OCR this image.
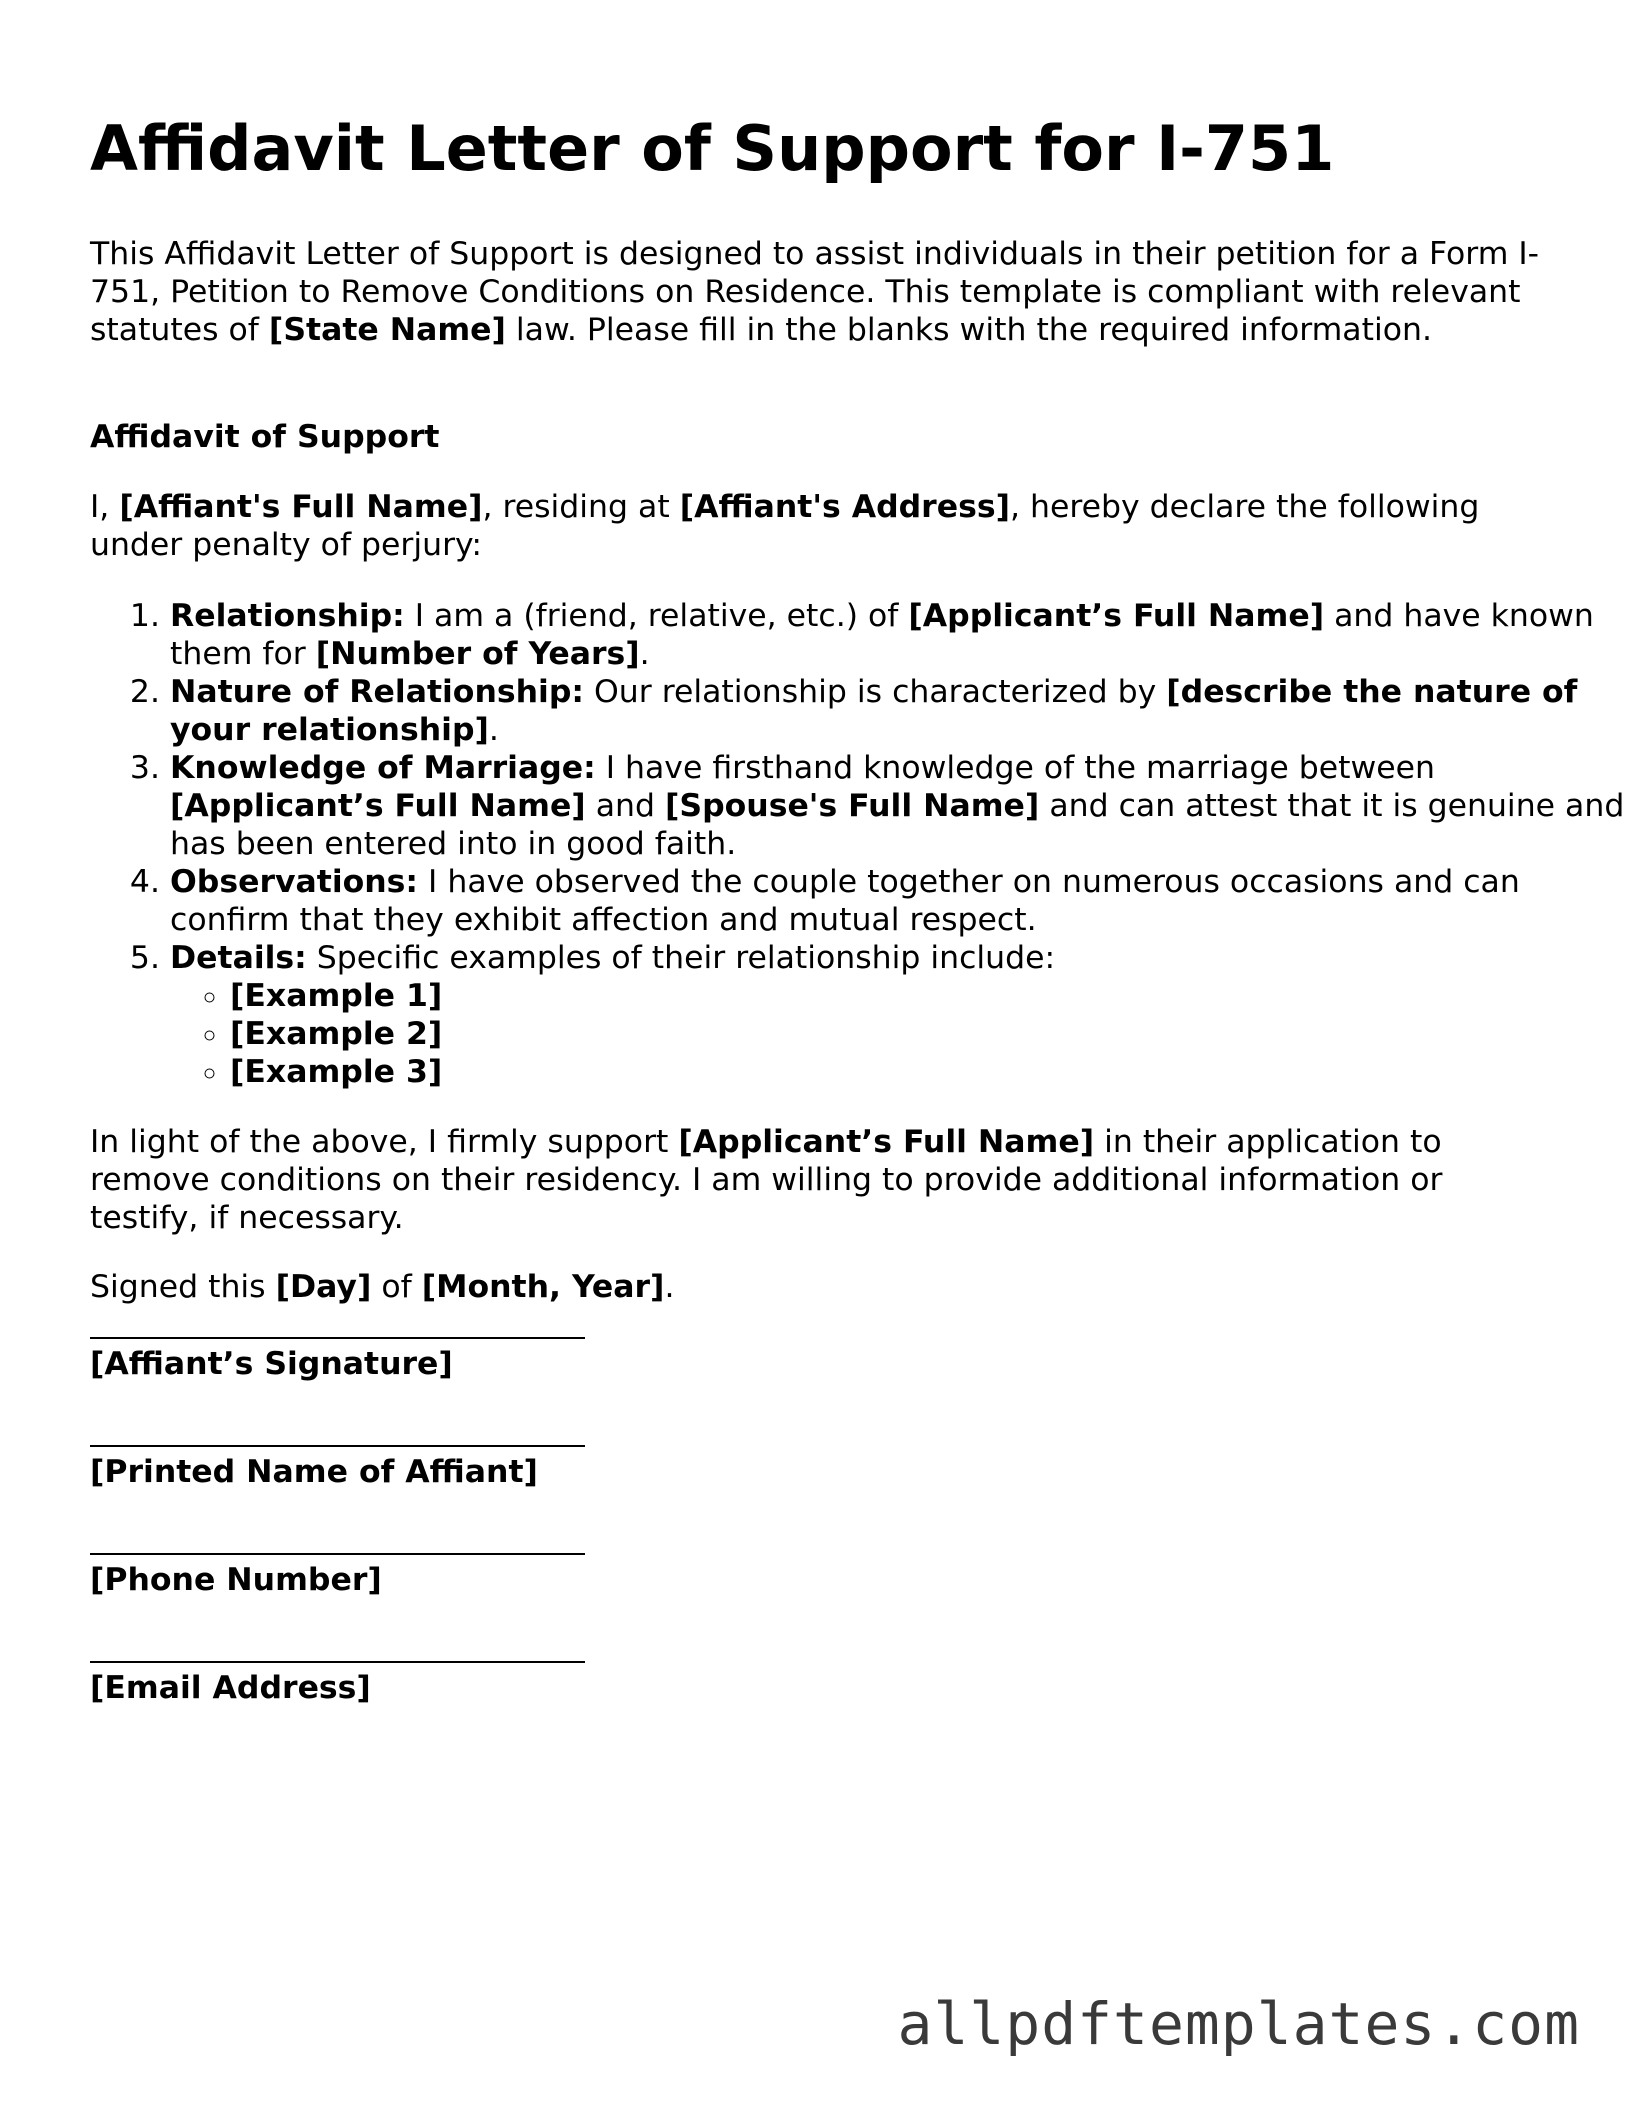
Affidavit Letter of Support for I-751

This Affidavit Letter of Support is designed to assist individuals in their petition for a Form I-751, Petition to Remove Conditions on Residence. This template is compliant with relevant statutes of [State Name] law. Please fill in the blanks with the required information.

Affidavit of Support

I, [Affiant's Full Name], residing at [Affiant's Address], hereby declare the following under penalty of perjury:

1. Relationship: I am a (friend, relative, etc.) of [Applicant’s Full Name] and have known them for [Number of Years].
2. Nature of Relationship: Our relationship is characterized by [describe the nature of your relationship].
3. Knowledge of Marriage: I have firsthand knowledge of the marriage between [Applicant’s Full Name] and [Spouse's Full Name] and can attest that it is genuine and has been entered into in good faith.
4. Observations: I have observed the couple together on numerous occasions and can confirm that they exhibit affection and mutual respect.
5. Details: Specific examples of their relationship include:
◦ [Example 1]
◦ [Example 2]
◦ [Example 3]

In light of the above, I firmly support [Applicant’s Full Name] in their application to remove conditions on their residency. I am willing to provide additional information or testify, if necessary.

Signed this [Day] of [Month, Year].

[Affiant’s Signature]
[Printed Name of Affiant]
[Phone Number]
[Email Address]
allpdftemplates.com
